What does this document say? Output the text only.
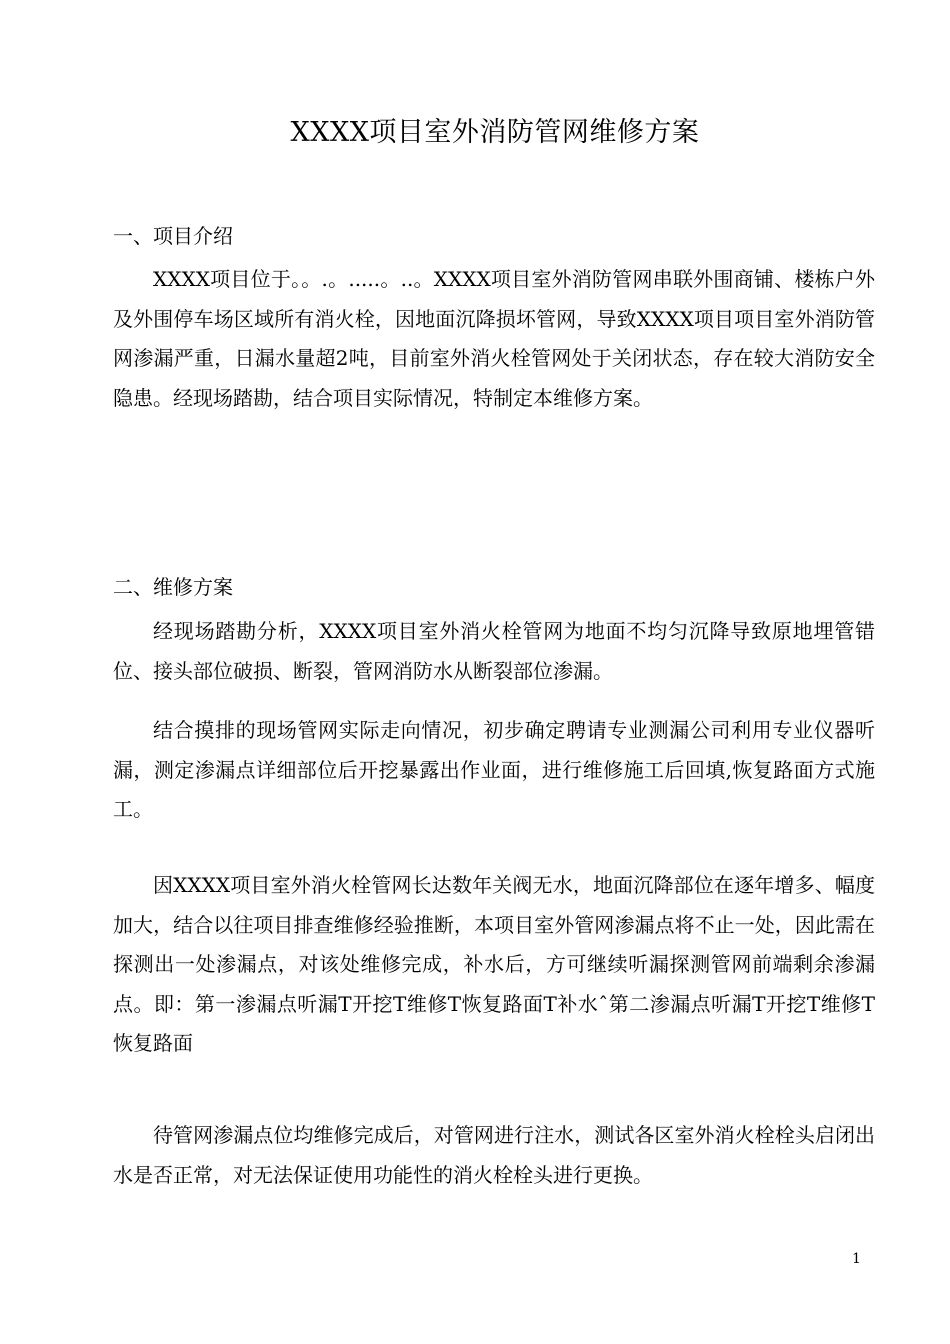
XXXX项目室外消防管网维修方案
一、项目介绍

XXXX项目位于。。.。.....。..。XXXX项目室外消防管网串联外围商铺、楼栋户外及外围停车场区域所有消火栓，因地面沉降损坏管网，导致XXXX项目项目室外消防管网渗漏严重，日漏水量超2吨，目前室外消火栓管网处于关闭状态，存在较大消防安全隐患。经现场踏勘，结合项目实际情况，特制定本维修方案。

二、维修方案

经现场踏勘分析，XXXX项目室外消火栓管网为地面不均匀沉降导致原地埋管错位、接头部位破损、断裂，管网消防水从断裂部位渗漏。

结合摸排的现场管网实际走向情况，初步确定聘请专业测漏公司利用专业仪器听漏，测定渗漏点详细部位后开挖暴露出作业面，进行维修施工后回填,恢复路面方式施工。

因XXXX项目室外消火栓管网长达数年关阀无水，地面沉降部位在逐年增多、幅度加大，结合以往项目排查维修经验推断，本项目室外管网渗漏点将不止一处，因此需在探测出一处渗漏点，对该处维修完成，补水后，方可继续听漏探测管网前端剩余渗漏点。即：第一渗漏点听漏T开挖T维修T恢复路面T补水ˆ第二渗漏点听漏T开挖T维修T恢复路面

待管网渗漏点位均维修完成后，对管网进行注水，测试各区室外消火栓栓头启闭出水是否正常，对无法保证使用功能性的消火栓栓头进行更换。

1
